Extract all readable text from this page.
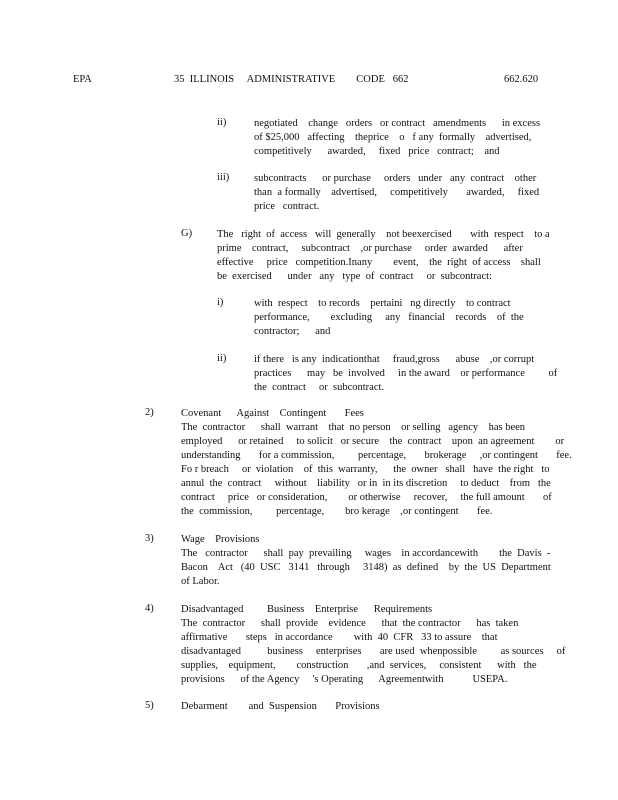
EPA	35  ILLINOIS     ADMINISTRATIVE        CODE   662	662.620
ii)	negotiated    change   orders   or contract   amendments      in excess
of $25,000   affecting    theprice    o   f any  formally    advertised,
competitively      awarded,     fixed   price   contract;    and
iii) subcontracts      or purchase     orders   under   any  contract    other
than  a formally    advertised,     competitively       awarded,     fixed
price   contract.
G) The   right  of  access   will  generally    not beexercised       with  respect    to a
prime    contract,     subcontract    ,or purchase     order  awarded      after
effective     price   competition.Inany        event,    the  right  of access    shall
be  exercised      under   any   type  of  contract     or  subcontract:
i)	with  respect    to records    pertaini   ng directly    to contract
performance,        excluding     any   financial    records    of  the
contractor;      and
ii)	if there   is any  indicationthat     fraud,gross      abuse    ,or corrupt
practices      may   be  involved     in the award    or performance         of
the  contract     or  subcontract.
2)	Covenant      Against    Contingent       Fees
The  contractor      shall  warrant    that  no person    or selling   agency    has been
employed      or retained     to solicit   or secure    the  contract    upon  an agreement        or
understanding       for a commission,         percentage,       brokerage     ,or contingent       fee.
Fo r breach     or  violation    of  this  warranty,      the  owner   shall   have  the right   to
annul  the  contract     without    liability   or in  in its discretion     to deduct    from   the
contract     price   or consideration,        or otherwise     recover,     the full amount       of
the  commission,         percentage,        bro kerage    ,or contingent       fee.
3)	Wage    Provisions
The   contractor      shall  pay  prevailing     wages    in accordancewith        the  Davis  -
Bacon    Act   (40  USC   3141   through     3148)  as  defined    by  the  US  Department
of Labor.
4)	Disadvantaged         Business    Enterprise      Requirements
The  contractor      shall  provide    evidence      that  the contractor      has  taken
affirmative       steps   in accordance        with  40  CFR   33 to assure    that
disadvantaged          business     enterprises       are used  whenpossible         as sources     of
supplies,    equipment,        construction       ,and  services,     consistent      with   the
provisions      of the Agency     's Operating      Agreementwith           USEPA.
5)	Debarment        and  Suspension       Provisions
